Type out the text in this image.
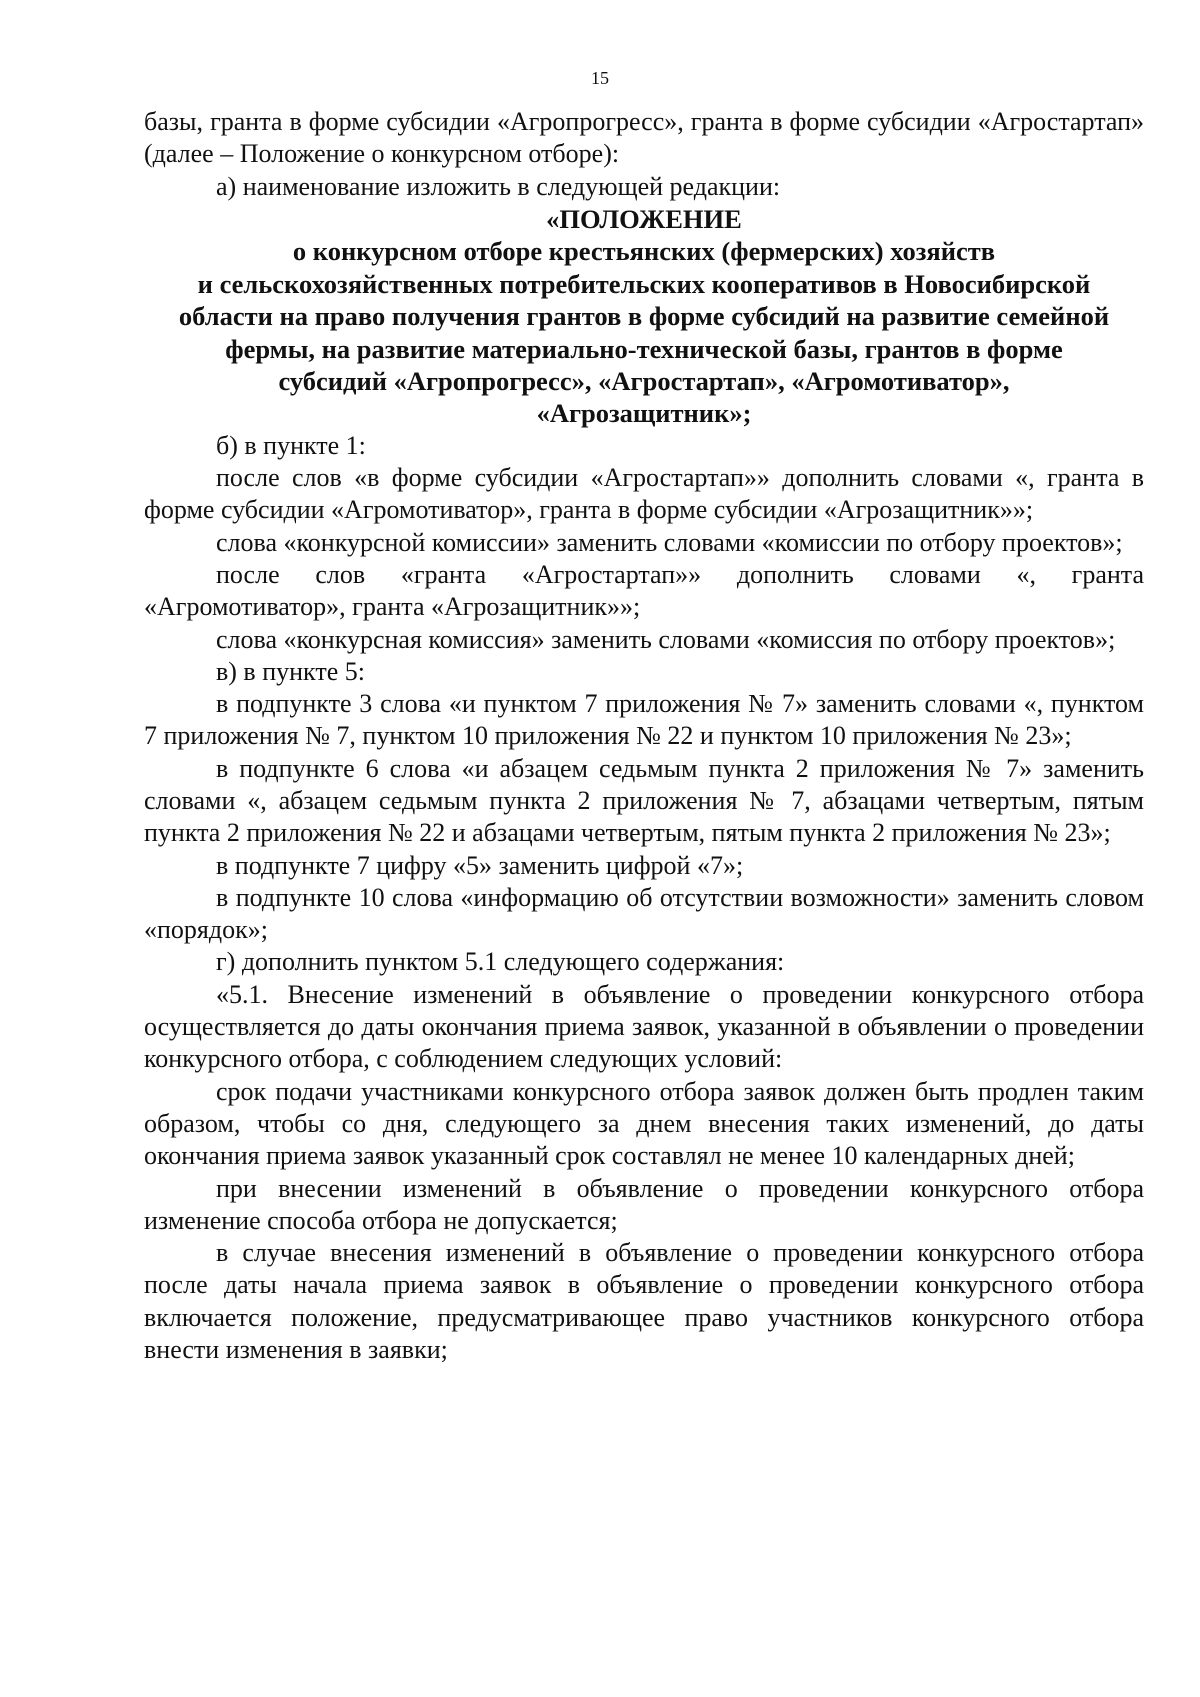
15

базы, гранта в форме субсидии «Агропрогресс», гранта в форме субсидии «Агростартап» (далее – Положение о конкурсном отборе):

а) наименование изложить в следующей редакции:

«ПОЛОЖЕНИЕ
о конкурсном отборе крестьянских (фермерских) хозяйств
и сельскохозяйственных потребительских кооперативов в Новосибирской
области на право получения грантов в форме субсидий на развитие семейной
фермы, на развитие материально-технической базы, грантов в форме
субсидий «Агропрогресс», «Агростартап», «Агромотиватор»,
«Агрозащитник»;

б) в пункте 1:

после слов «в форме субсидии «Агростартап»» дополнить словами «, гранта в форме субсидии «Агромотиватор», гранта в форме субсидии «Агрозащитник»»;

слова «конкурсной комиссии» заменить словами «комиссии по отбору проектов»;

после слов «гранта «Агростартап»» дополнить словами «, гранта «Агромотиватор», гранта «Агрозащитник»»;

слова «конкурсная комиссия» заменить словами «комиссия по отбору проектов»;

в) в пункте 5:

в подпункте 3 слова «и пунктом 7 приложения № 7» заменить словами «, пунктом 7 приложения № 7, пунктом 10 приложения № 22 и пунктом 10 приложения № 23»;

в подпункте 6 слова «и абзацем седьмым пункта 2 приложения № 7» заменить словами «, абзацем седьмым пункта 2 приложения № 7, абзацами четвертым, пятым пункта 2 приложения № 22 и абзацами четвертым, пятым пункта 2 приложения № 23»;

в подпункте 7 цифру «5» заменить цифрой «7»;

в подпункте 10 слова «информацию об отсутствии возможности» заменить словом «порядок»;

г) дополнить пунктом 5.1 следующего содержания:

«5.1. Внесение изменений в объявление о проведении конкурсного отбора осуществляется до даты окончания приема заявок, указанной в объявлении о проведении конкурсного отбора, с соблюдением следующих условий:

срок подачи участниками конкурсного отбора заявок должен быть продлен таким образом, чтобы со дня, следующего за днем внесения таких изменений, до даты окончания приема заявок указанный срок составлял не менее 10 календарных дней;

при внесении изменений в объявление о проведении конкурсного отбора изменение способа отбора не допускается;

в случае внесения изменений в объявление о проведении конкурсного отбора после даты начала приема заявок в объявление о проведении конкурсного отбора включается положение, предусматривающее право участников конкурсного отбора внести изменения в заявки;
